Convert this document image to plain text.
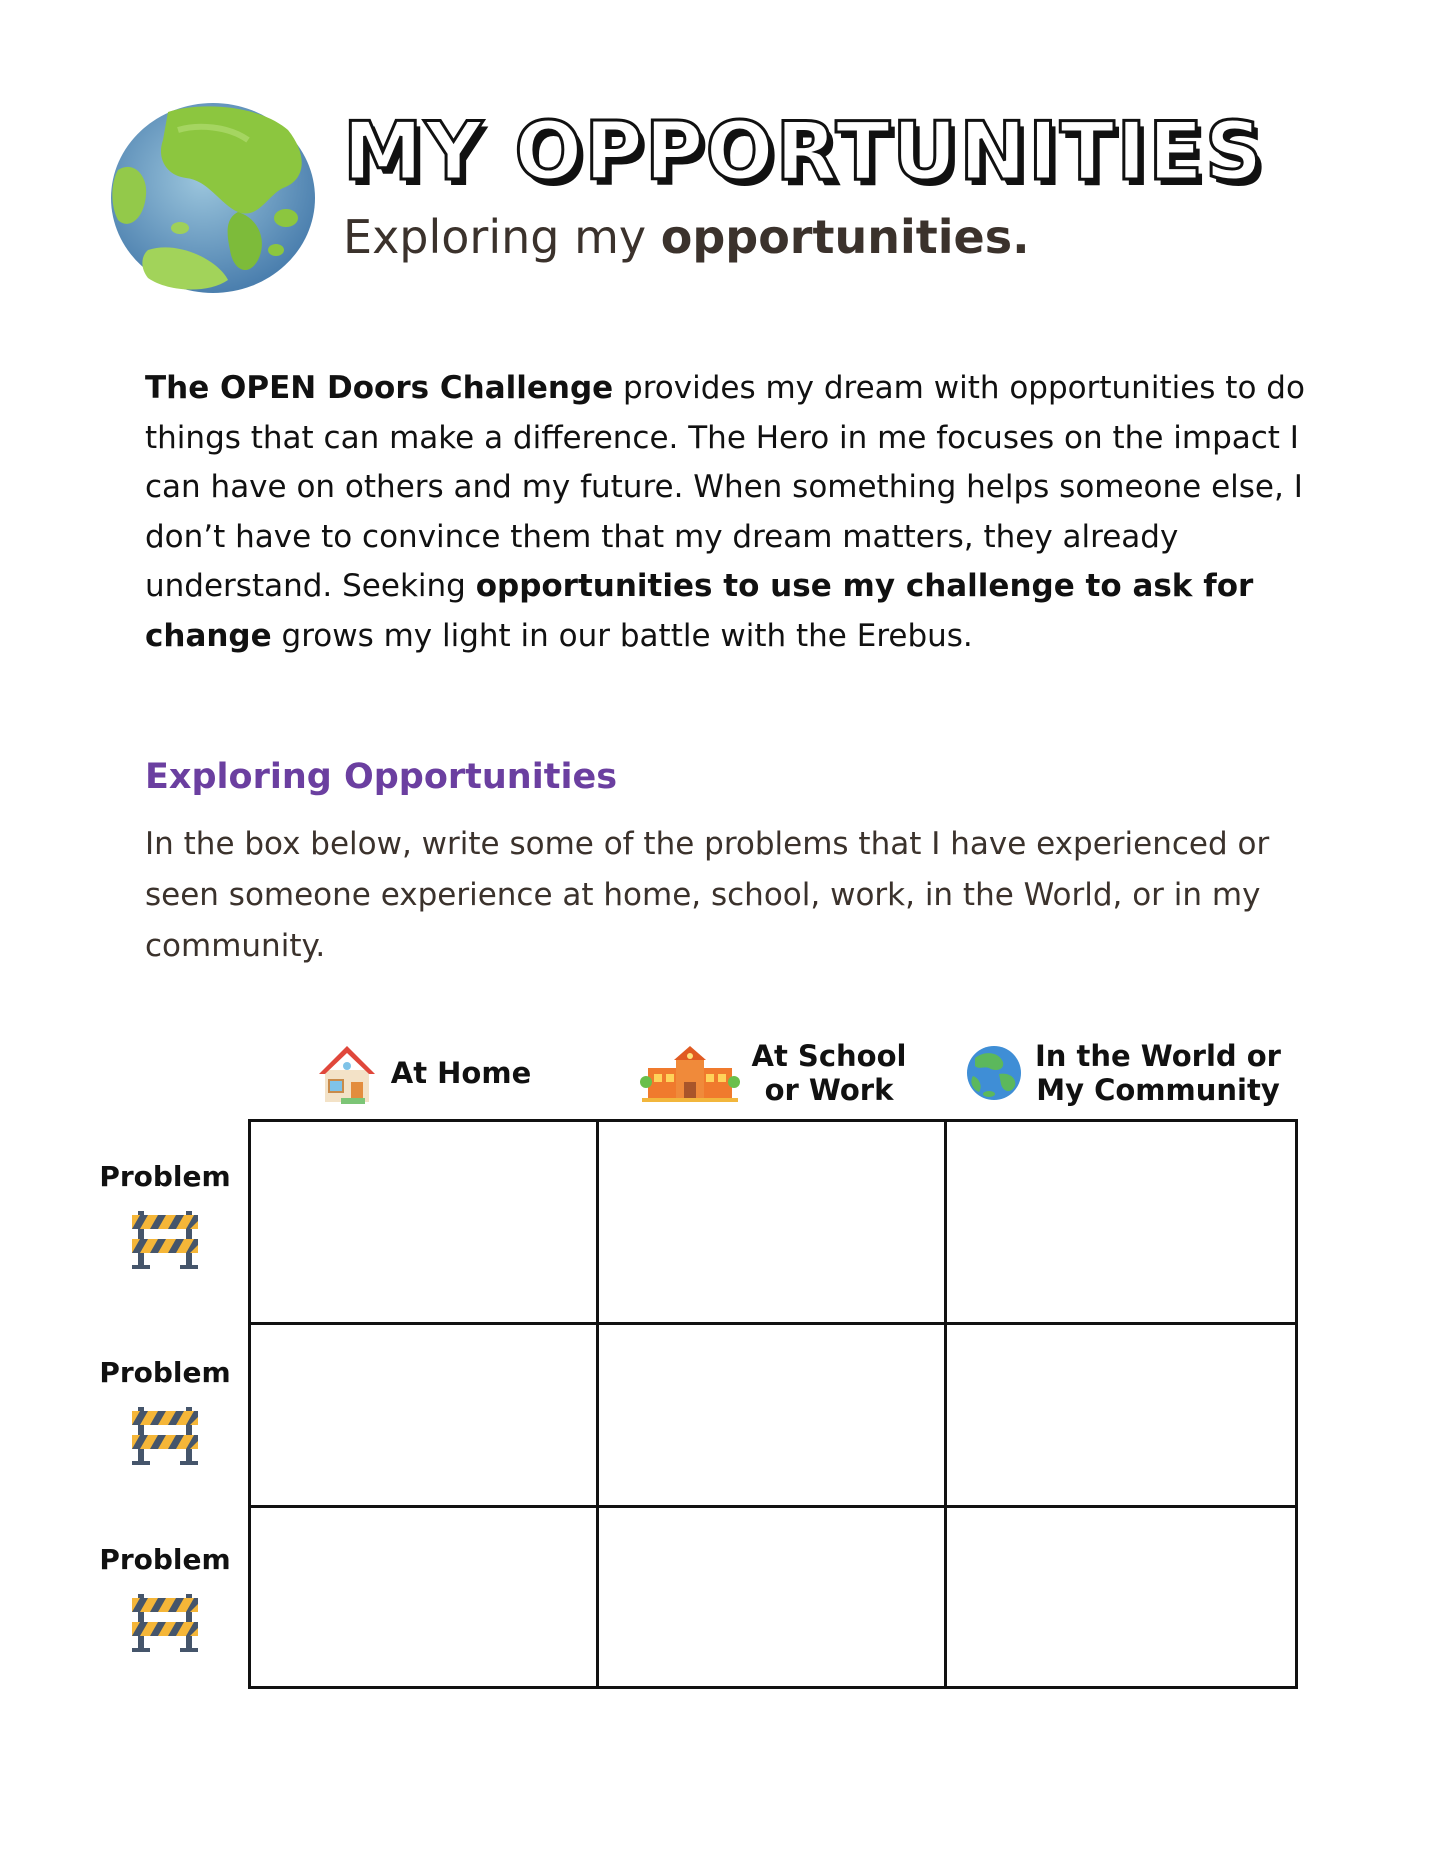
MY OPPORTUNITIES

Exploring my opportunities.

The OPEN Doors Challenge provides my dream with opportunities to do things that can make a difference. The Hero in me focuses on the impact I can have on others and my future. When something helps someone else, I don’t have to convince them that my dream matters, they already understand. Seeking opportunities to use my challenge to ask for change grows my light in our battle with the Erebus.

Exploring Opportunities

In the box below, write some of the problems that I have experienced or seen someone experience at home, school, work, in the World, or in my community.

At Home	At School
or Work
In the World or
My Community
Problem
Problem
Problem
